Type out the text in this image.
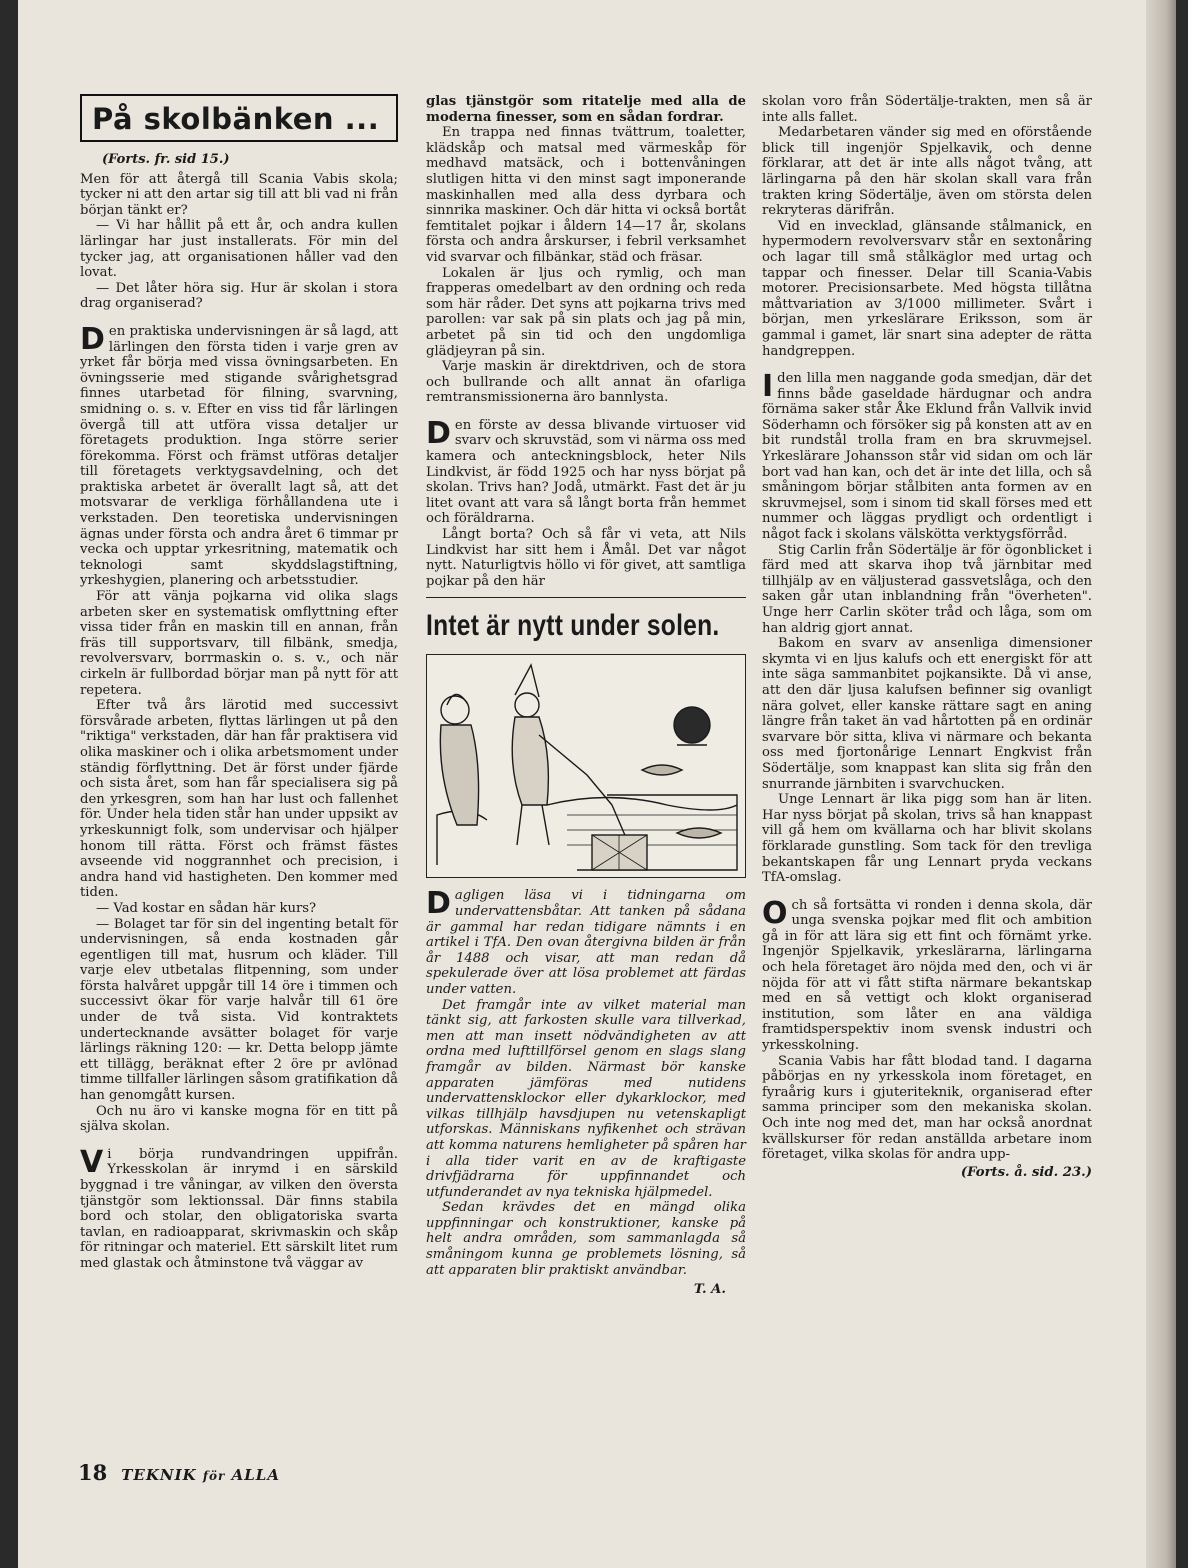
På skolbänken ...
(Forts. fr. sid 15.)

Men för att återgå till Scania Vabis skola; tycker ni att den artar sig till att bli vad ni från början tänkt er?

— Vi har hållit på ett år, och andra kullen lärlingar har just installerats. För min del tycker jag, att organisationen håller vad den lovat.

— Det låter höra sig. Hur är skolan i stora drag organiserad?

Den praktiska undervisningen är så lagd, att lärlingen den första tiden i varje gren av yrket får börja med vissa övningsarbeten. En övningsserie med stigande svårighetsgrad finnes utarbetad för filning, svarvning, smidning o. s. v. Efter en viss tid får lärlingen övergå till att utföra vissa detaljer ur företagets produktion. Inga större serier förekomma. Först och främst utföras detaljer till företagets verktygsavdelning, och det praktiska arbetet är överallt lagt så, att det motsvarar de verkliga förhållandena ute i verkstaden. Den teoretiska undervisningen ägnas under första och andra året 6 timmar pr vecka och upptar yrkesritning, matematik och teknologi samt skyddslagstiftning, yrkeshygien, planering och arbetsstudier.

För att vänja pojkarna vid olika slags arbeten sker en systematisk omflyttning efter vissa tider från en maskin till en annan, från fräs till supportsvarv, till filbänk, smedja, revolversvarv, borrmaskin o. s. v., och när cirkeln är fullbordad börjar man på nytt för att repetera.

Efter två års lärotid med successivt försvårade arbeten, flyttas lärlingen ut på den "riktiga" verkstaden, där han får praktisera vid olika maskiner och i olika arbetsmoment under ständig förflyttning. Det är först under fjärde och sista året, som han får specialisera sig på den yrkesgren, som han har lust och fallenhet för. Under hela tiden står han under uppsikt av yrkeskunnigt folk, som undervisar och hjälper honom till rätta. Först och främst fästes avseende vid noggrannhet och precision, i andra hand vid hastigheten. Den kommer med tiden.

— Vad kostar en sådan här kurs?

— Bolaget tar för sin del ingenting betalt för undervisningen, så enda kostnaden går egentligen till mat, husrum och kläder. Till varje elev utbetalas flitpenning, som under första halvåret uppgår till 14 öre i timmen och successivt ökar för varje halvår till 61 öre under de två sista. Vid kontraktets undertecknande avsätter bolaget för varje lärlings räkning 120: — kr. Detta belopp jämte ett tillägg, beräknat efter 2 öre pr avlönad timme tillfaller lärlingen såsom gratifikation då han genomgått kursen.

Och nu äro vi kanske mogna för en titt på själva skolan.

Vi börja rundvandringen uppifrån. Yrkesskolan är inrymd i en särskild byggnad i tre våningar, av vilken den översta tjänstgör som lektionssal. Där finns stabila bord och stolar, den obligatoriska svarta tavlan, en radioapparat, skrivmaskin och skåp för ritningar och materiel. Ett särskilt litet rum med glastak och åtminstone två väggar av

glas tjänstgör som ritatelje med alla de moderna finesser, som en sådan fordrar.

En trappa ned finnas tvättrum, toaletter, klädskåp och matsal med värmeskåp för medhavd matsäck, och i bottenvåningen slutligen hitta vi den minst sagt imponerande maskinhallen med alla dess dyrbara och sinnrika maskiner. Och där hitta vi också bortåt femtitalet pojkar i åldern 14—17 år, skolans första och andra årskurser, i febril verksamhet vid svarvar och filbänkar, städ och fräsar.

Lokalen är ljus och rymlig, och man frapperas omedelbart av den ordning och reda som här råder. Det syns att pojkarna trivs med parollen: var sak på sin plats och jag på min, arbetet på sin tid och den ungdomliga glädjeyran på sin.

Varje maskin är direktdriven, och de stora och bullrande och allt annat än ofarliga remtransmissionerna äro bannlysta.

Den förste av dessa blivande virtuoser vid svarv och skruvstäd, som vi närma oss med kamera och anteckningsblock, heter Nils Lindkvist, är född 1925 och har nyss börjat på skolan. Trivs han? Jodå, utmärkt. Fast det är ju litet ovant att vara så långt borta från hemmet och föräldrarna.

Långt borta? Och så får vi veta, att Nils Lindkvist har sitt hem i Åmål. Det var något nytt. Naturligtvis höllo vi för givet, att samtliga pojkar på den här

Intet är nytt under solen.

Dagligen läsa vi i tidningarna om undervattensbåtar. Att tanken på sådana är gammal har redan tidigare nämnts i en artikel i TfA. Den ovan återgivna bilden är från år 1488 och visar, att man redan då spekulerade över att lösa problemet att färdas under vatten.

Det framgår inte av vilket material man tänkt sig, att farkosten skulle vara tillverkad, men att man insett nödvändigheten av att ordna med lufttillförsel genom en slags slang framgår av bilden. Närmast bör kanske apparaten jämföras med nutidens undervattensklockor eller dykarklockor, med vilkas tillhjälp havsdjupen nu vetenskapligt utforskas. Människans nyfikenhet och strävan att komma naturens hemligheter på spåren har i alla tider varit en av de kraftigaste drivfjädrarna för uppfinnandet och utfunderandet av nya tekniska hjälpmedel.

Sedan krävdes det en mängd olika uppfinningar och konstruktioner, kanske på helt andra områden, som sammanlagda så småningom kunna ge problemets lösning, så att apparaten blir praktiskt användbar.

T. A.

skolan voro från Södertälje-trakten, men så är inte alls fallet.

Medarbetaren vänder sig med en oförstående blick till ingenjör Spjelkavik, och denne förklarar, att det är inte alls något tvång, att lärlingarna på den här skolan skall vara från trakten kring Södertälje, även om största delen rekryteras därifrån.

Vid en invecklad, glänsande stålmanick, en hypermodern revolversvarv står en sextonåring och lagar till små stålkäglor med urtag och tappar och finesser. Delar till Scania-Vabis motorer. Precisionsarbete. Med högsta tillåtna måttvariation av 3/1000 millimeter. Svårt i början, men yrkeslärare Eriksson, som är gammal i gamet, lär snart sina adepter de rätta handgreppen.

Iden lilla men naggande goda smedjan, där det finns både gaseldade härdugnar och andra förnäma saker står Åke Eklund från Vallvik invid Söderhamn och försöker sig på konsten att av en bit rundstål trolla fram en bra skruvmejsel. Yrkeslärare Johansson står vid sidan om och lär bort vad han kan, och det är inte det lilla, och så småningom börjar stålbiten anta formen av en skruvmejsel, som i sinom tid skall förses med ett nummer och läggas prydligt och ordentligt i något fack i skolans välskötta verktygsförråd.

Stig Carlin från Södertälje är för ögonblicket i färd med att skarva ihop två järnbitar med tillhjälp av en väljusterad gassvetslåga, och den saken går utan inblandning från "överheten". Unge herr Carlin sköter tråd och låga, som om han aldrig gjort annat.

Bakom en svarv av ansenliga dimensioner skymta vi en ljus kalufs och ett energiskt för att inte säga sammanbitet pojkansikte. Då vi anse, att den där ljusa kalufsen befinner sig ovanligt nära golvet, eller kanske rättare sagt en aning längre från taket än vad hårtotten på en ordinär svarvare bör sitta, kliva vi närmare och bekanta oss med fjortonårige Lennart Engkvist från Södertälje, som knappast kan slita sig från den snurrande järnbiten i svarvchucken.

Unge Lennart är lika pigg som han är liten. Har nyss börjat på skolan, trivs så han knappast vill gå hem om kvällarna och har blivit skolans förklarade gunstling. Som tack för den trevliga bekantskapen får ung Lennart pryda veckans TfA-omslag.

Och så fortsätta vi ronden i denna skola, där unga svenska pojkar med flit och ambition gå in för att lära sig ett fint och förnämt yrke. Ingenjör Spjelkavik, yrkeslärarna, lärlingarna och hela företaget äro nöjda med den, och vi är nöjda för att vi fått stifta närmare bekantskap med en så vettigt och klokt organiserad institution, som låter en ana väldiga framtidsperspektiv inom svensk industri och yrkesskolning.

Scania Vabis har fått blodad tand. I dagarna påbörjas en ny yrkesskola inom företaget, en fyraårig kurs i gjuteriteknik, organiserad efter samma principer som den mekaniska skolan. Och inte nog med det, man har också anordnat kvällskurser för redan anställda arbetare inom företaget, vilka skolas för andra upp-

(Forts. å. sid. 23.)
18 TEKNIK för ALLA
